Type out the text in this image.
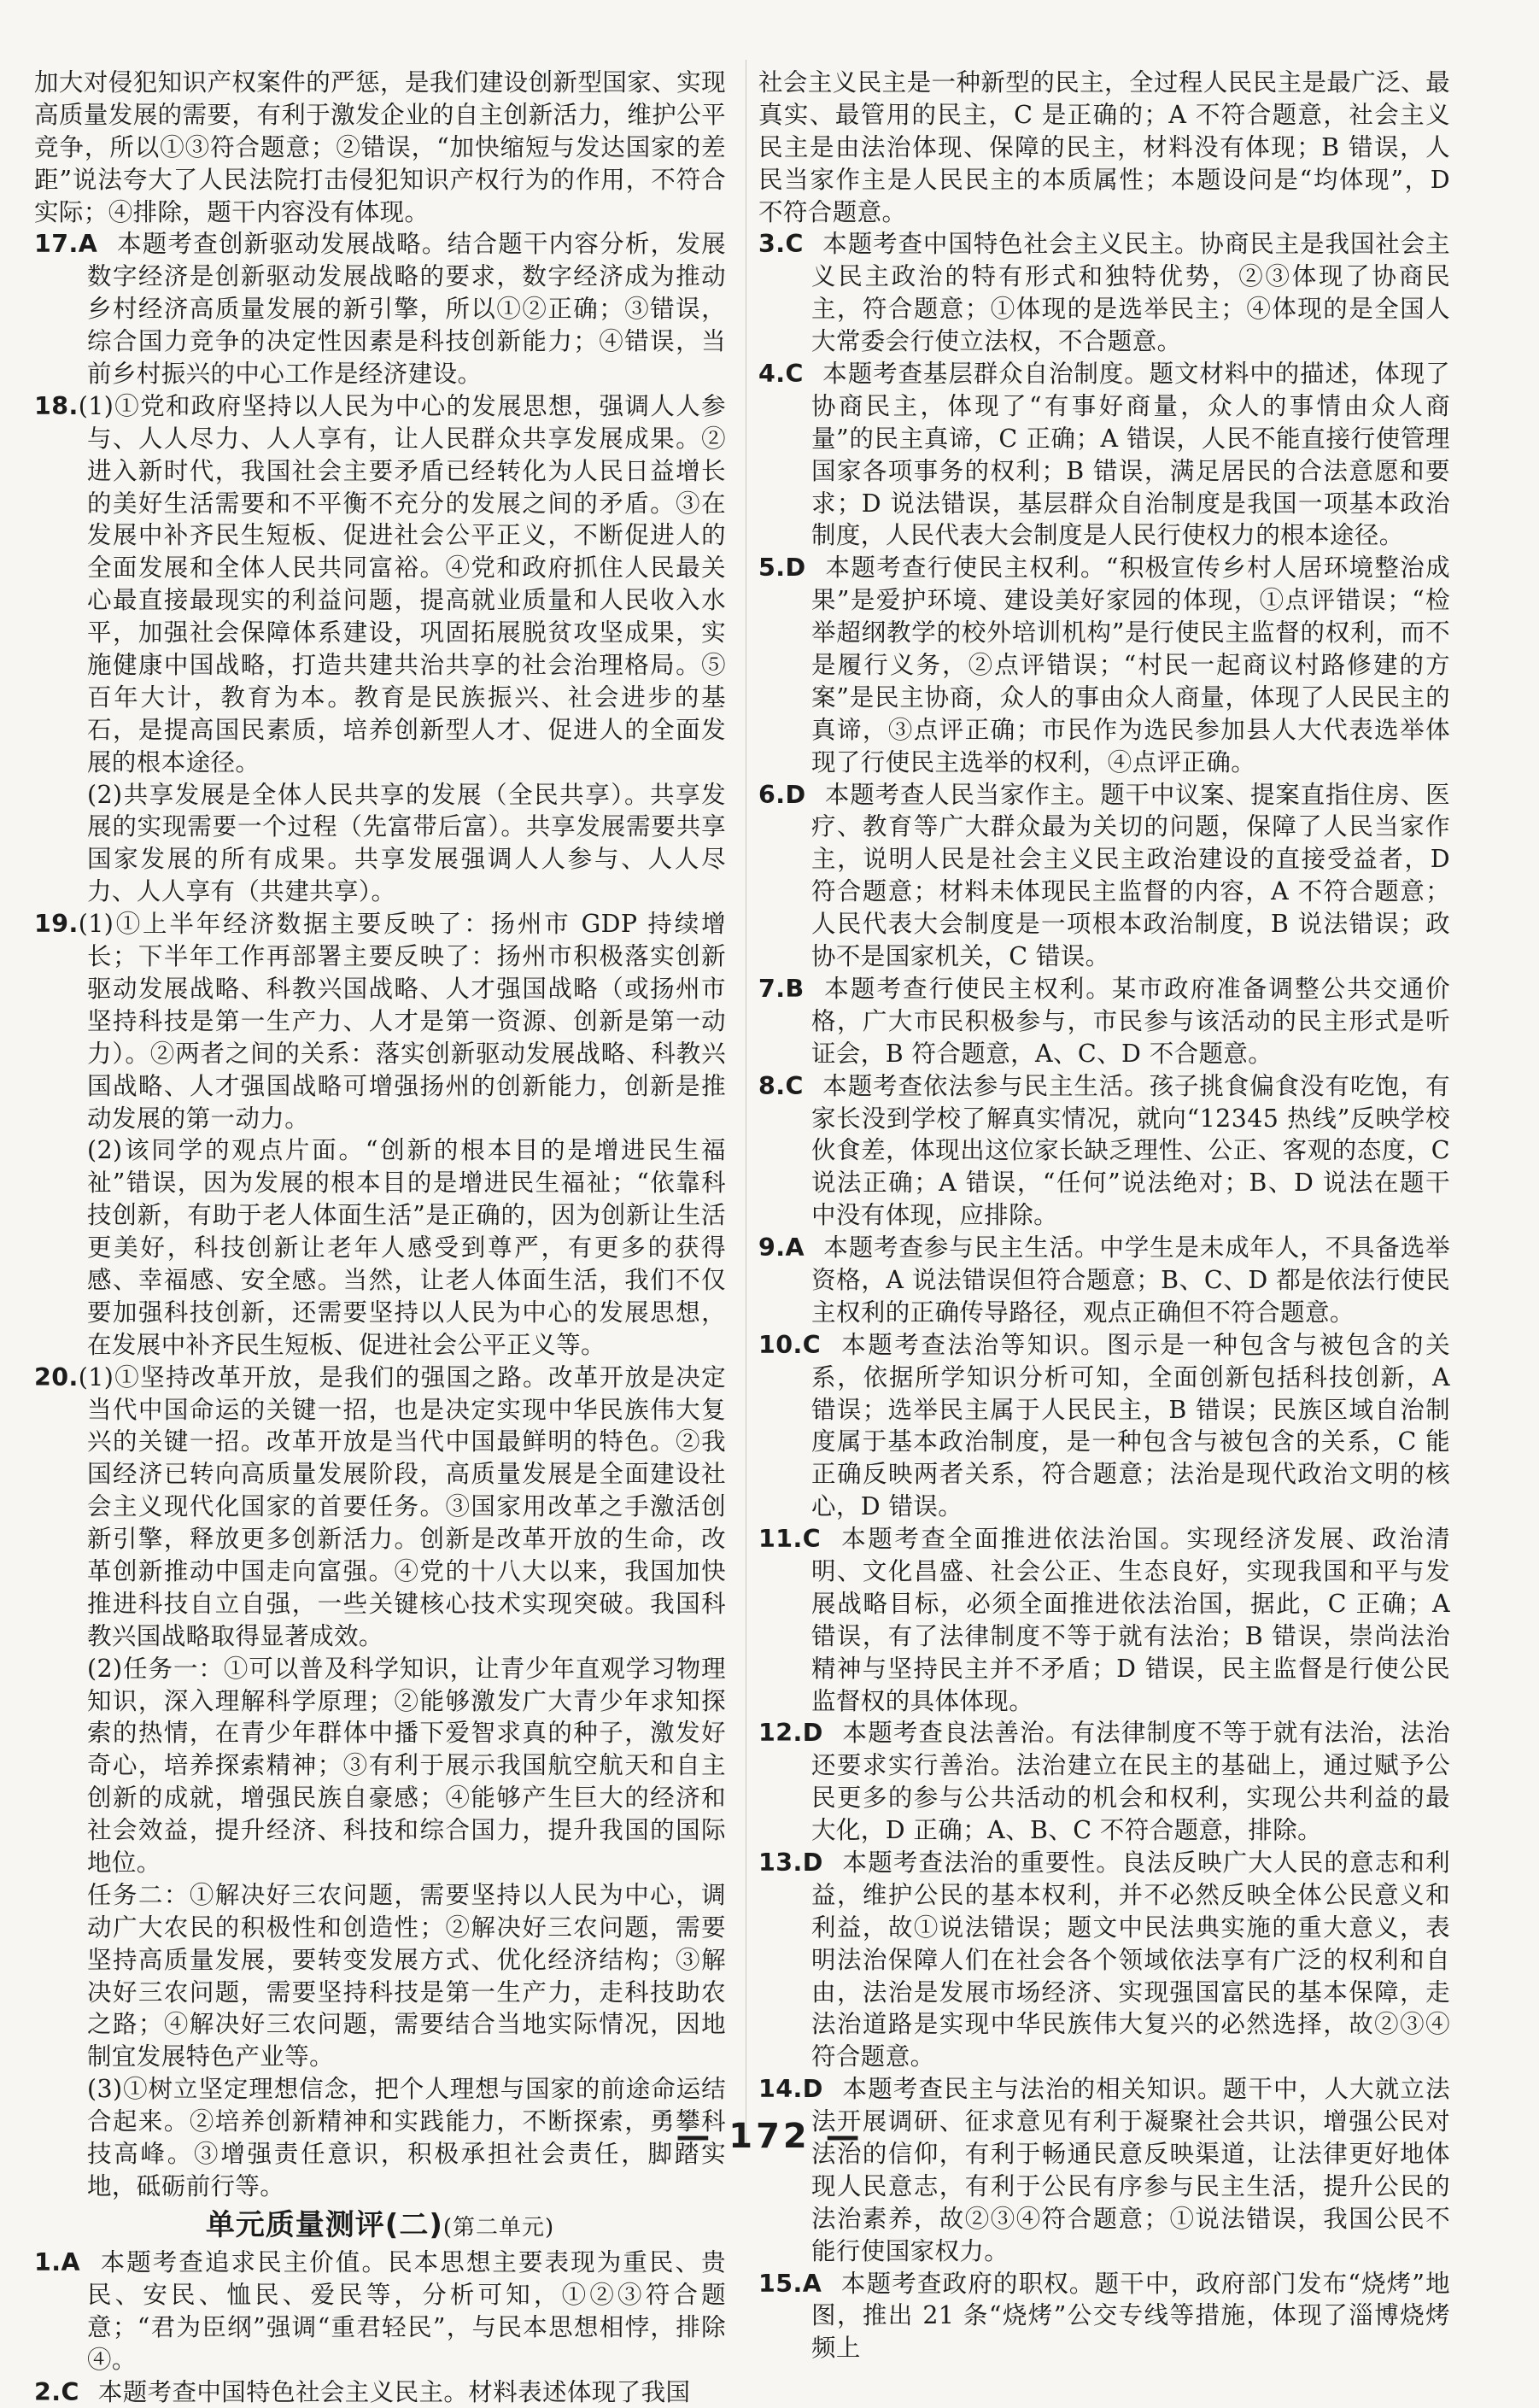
加大对侵犯知识产权案件的严惩，是我们建设创新型国家、实现高质量发展的需要，有利于激发企业的自主创新活力，维护公平竞争，所以①③符合题意；②错误，“加快缩短与发达国家的差距”说法夸大了人民法院打击侵犯知识产权行为的作用，不符合实际；④排除，题干内容没有体现。

17.A 本题考查创新驱动发展战略。结合题干内容分析，发展数字经济是创新驱动发展战略的要求，数字经济成为推动乡村经济高质量发展的新引擎，所以①②正确；③错误，综合国力竞争的决定性因素是科技创新能力；④错误，当前乡村振兴的中心工作是经济建设。

18.(1)①党和政府坚持以人民为中心的发展思想，强调人人参与、人人尽力、人人享有，让人民群众共享发展成果。②进入新时代，我国社会主要矛盾已经转化为人民日益增长的美好生活需要和不平衡不充分的发展之间的矛盾。③在发展中补齐民生短板、促进社会公平正义，不断促进人的全面发展和全体人民共同富裕。④党和政府抓住人民最关心最直接最现实的利益问题，提高就业质量和人民收入水平，加强社会保障体系建设，巩固拓展脱贫攻坚成果，实施健康中国战略，打造共建共治共享的社会治理格局。⑤百年大计，教育为本。教育是民族振兴、社会进步的基石，是提高国民素质，培养创新型人才、促进人的全面发展的根本途径。

(2)共享发展是全体人民共享的发展（全民共享）。共享发展的实现需要一个过程（先富带后富）。共享发展需要共享国家发展的所有成果。共享发展强调人人参与、人人尽力、人人享有（共建共享）。

19.(1)①上半年经济数据主要反映了：扬州市 GDP 持续增长；下半年工作再部署主要反映了：扬州市积极落实创新驱动发展战略、科教兴国战略、人才强国战略（或扬州市坚持科技是第一生产力、人才是第一资源、创新是第一动力）。②两者之间的关系：落实创新驱动发展战略、科教兴国战略、人才强国战略可增强扬州的创新能力，创新是推动发展的第一动力。

(2)该同学的观点片面。“创新的根本目的是增进民生福祉”错误，因为发展的根本目的是增进民生福祉；“依靠科技创新，有助于老人体面生活”是正确的，因为创新让生活更美好，科技创新让老年人感受到尊严，有更多的获得感、幸福感、安全感。当然，让老人体面生活，我们不仅要加强科技创新，还需要坚持以人民为中心的发展思想，在发展中补齐民生短板、促进社会公平正义等。

20.(1)①坚持改革开放，是我们的强国之路。改革开放是决定当代中国命运的关键一招，也是决定实现中华民族伟大复兴的关键一招。改革开放是当代中国最鲜明的特色。②我国经济已转向高质量发展阶段，高质量发展是全面建设社会主义现代化国家的首要任务。③国家用改革之手激活创新引擎，释放更多创新活力。创新是改革开放的生命，改革创新推动中国走向富强。④党的十八大以来，我国加快推进科技自立自强，一些关键核心技术实现突破。我国科教兴国战略取得显著成效。

(2)任务一：①可以普及科学知识，让青少年直观学习物理知识，深入理解科学原理；②能够激发广大青少年求知探索的热情，在青少年群体中播下爱智求真的种子，激发好奇心，培养探索精神；③有利于展示我国航空航天和自主创新的成就，增强民族自豪感；④能够产生巨大的经济和社会效益，提升经济、科技和综合国力，提升我国的国际地位。

任务二：①解决好三农问题，需要坚持以人民为中心，调动广大农民的积极性和创造性；②解决好三农问题，需要坚持高质量发展，要转变发展方式、优化经济结构；③解决好三农问题，需要坚持科技是第一生产力，走科技助农之路；④解决好三农问题，需要结合当地实际情况，因地制宜发展特色产业等。

(3)①树立坚定理想信念，把个人理想与国家的前途命运结合起来。②培养创新精神和实践能力，不断探索，勇攀科技高峰。③增强责任意识，积极承担社会责任，脚踏实地，砥砺前行等。

单元质量测评(二)(第二单元)

1.A 本题考查追求民主价值。民本思想主要表现为重民、贵民、安民、恤民、爱民等，分析可知，①②③符合题意；“君为臣纲”强调“重君轻民”，与民本思想相悖，排除④。

2.C 本题考查中国特色社会主义民主。材料表述体现了我国

社会主义民主是一种新型的民主，全过程人民民主是最广泛、最真实、最管用的民主，C 是正确的；A 不符合题意，社会主义民主是由法治体现、保障的民主，材料没有体现；B 错误，人民当家作主是人民民主的本质属性；本题设问是“均体现”，D 不符合题意。

3.C 本题考查中国特色社会主义民主。协商民主是我国社会主义民主政治的特有形式和独特优势，②③体现了协商民主，符合题意；①体现的是选举民主；④体现的是全国人大常委会行使立法权，不合题意。

4.C 本题考查基层群众自治制度。题文材料中的描述，体现了协商民主，体现了“有事好商量，众人的事情由众人商量”的民主真谛，C 正确；A 错误，人民不能直接行使管理国家各项事务的权利；B 错误，满足居民的合法意愿和要求；D 说法错误，基层群众自治制度是我国一项基本政治制度，人民代表大会制度是人民行使权力的根本途径。

5.D 本题考查行使民主权利。“积极宣传乡村人居环境整治成果”是爱护环境、建设美好家园的体现，①点评错误；“检举超纲教学的校外培训机构”是行使民主监督的权利，而不是履行义务，②点评错误；“村民一起商议村路修建的方案”是民主协商，众人的事由众人商量，体现了人民民主的真谛，③点评正确；市民作为选民参加县人大代表选举体现了行使民主选举的权利，④点评正确。

6.D 本题考查人民当家作主。题干中议案、提案直指住房、医疗、教育等广大群众最为关切的问题，保障了人民当家作主，说明人民是社会主义民主政治建设的直接受益者，D 符合题意；材料未体现民主监督的内容，A 不符合题意；人民代表大会制度是一项根本政治制度，B 说法错误；政协不是国家机关，C 错误。

7.B 本题考查行使民主权利。某市政府准备调整公共交通价格，广大市民积极参与，市民参与该活动的民主形式是听证会，B 符合题意，A、C、D 不合题意。

8.C 本题考查依法参与民主生活。孩子挑食偏食没有吃饱，有家长没到学校了解真实情况，就向“12345 热线”反映学校伙食差，体现出这位家长缺乏理性、公正、客观的态度，C 说法正确；A 错误，“任何”说法绝对；B、D 说法在题干中没有体现，应排除。

9.A 本题考查参与民主生活。中学生是未成年人，不具备选举资格，A 说法错误但符合题意；B、C、D 都是依法行使民主权利的正确传导路径，观点正确但不符合题意。

10.C 本题考查法治等知识。图示是一种包含与被包含的关系，依据所学知识分析可知，全面创新包括科技创新，A 错误；选举民主属于人民民主，B 错误；民族区域自治制度属于基本政治制度，是一种包含与被包含的关系，C 能正确反映两者关系，符合题意；法治是现代政治文明的核心，D 错误。

11.C 本题考查全面推进依法治国。实现经济发展、政治清明、文化昌盛、社会公正、生态良好，实现我国和平与发展战略目标，必须全面推进依法治国，据此，C 正确；A 错误，有了法律制度不等于就有法治；B 错误，崇尚法治精神与坚持民主并不矛盾；D 错误，民主监督是行使公民监督权的具体体现。

12.D 本题考查良法善治。有法律制度不等于就有法治，法治还要求实行善治。法治建立在民主的基础上，通过赋予公民更多的参与公共活动的机会和权利，实现公共利益的最大化，D 正确；A、B、C 不符合题意，排除。

13.D 本题考查法治的重要性。良法反映广大人民的意志和利益，维护公民的基本权利，并不必然反映全体公民意义和利益，故①说法错误；题文中民法典实施的重大意义，表明法治保障人们在社会各个领域依法享有广泛的权利和自由，法治是发展市场经济、实现强国富民的基本保障，走法治道路是实现中华民族伟大复兴的必然选择，故②③④符合题意。

14.D 本题考查民主与法治的相关知识。题干中，人大就立法法开展调研、征求意见有利于凝聚社会共识，增强公民对法治的信仰，有利于畅通民意反映渠道，让法律更好地体现人民意志，有利于公民有序参与民主生活，提升公民的法治素养，故②③④符合题意；①说法错误，我国公民不能行使国家权力。

15.A 本题考查政府的职权。题干中，政府部门发布“烧烤”地图，推出 21 条“烧烤”公交专线等措施，体现了淄博烧烤频上

— 172 —
